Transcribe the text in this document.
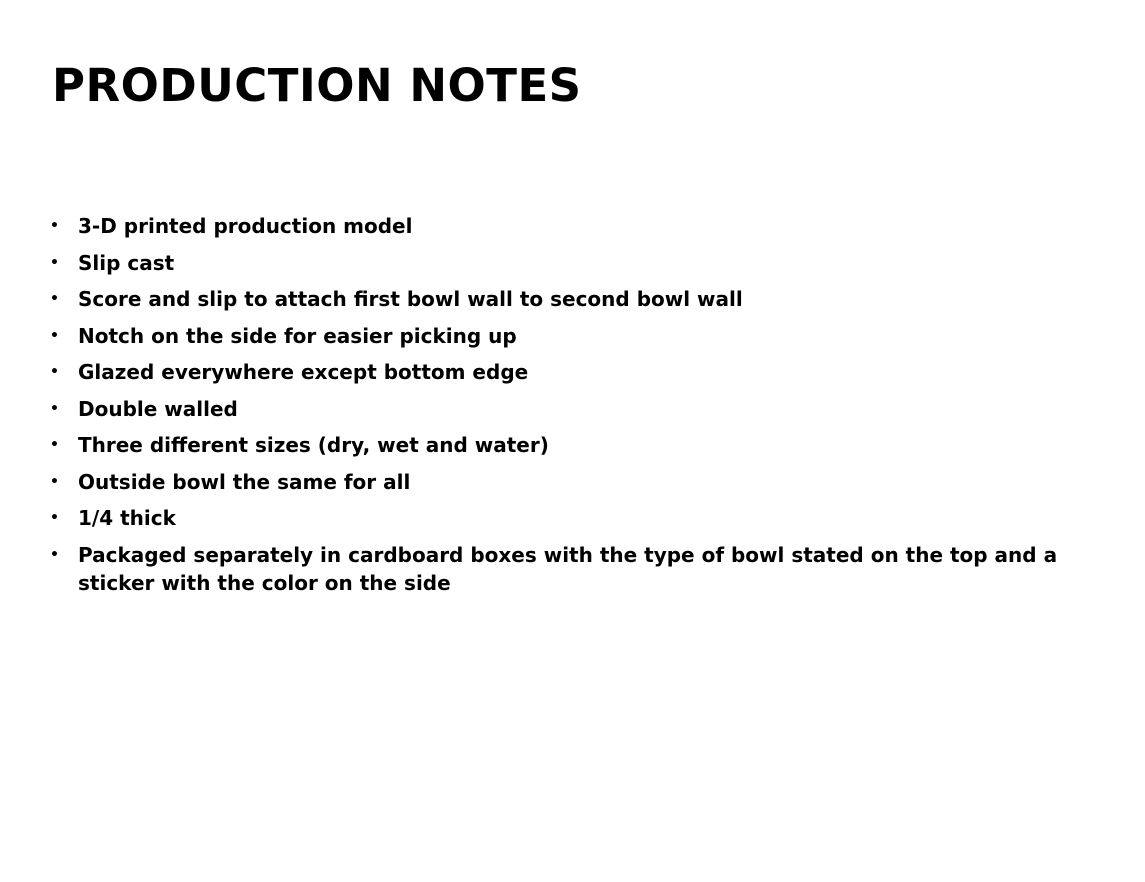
PRODUCTION NOTES
• 3-D printed production model
• Slip cast
• Score and slip to attach first bowl wall to second bowl wall
• Notch on the side for easier picking up
• Glazed everywhere except bottom edge
• Double walled
• Three different sizes (dry, wet and water)
• Outside bowl the same for all
• 1/4 thick
• Packaged separately in cardboard boxes with the type of bowl stated on the top and a sticker with the color on the side
